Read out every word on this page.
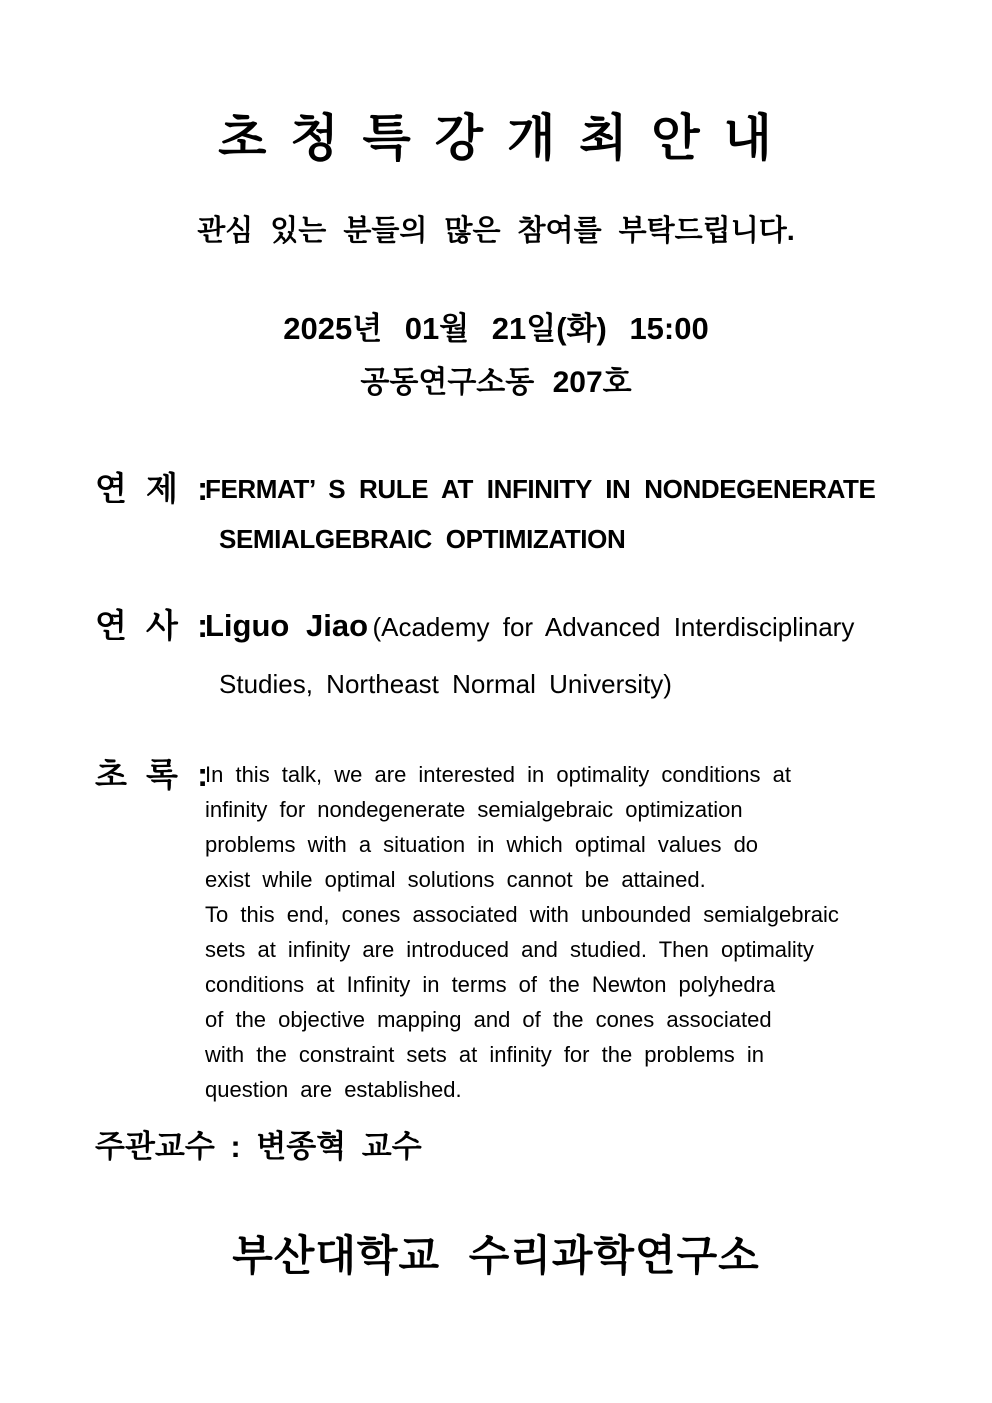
초 청 특 강 개 최 안 내

관심 있는 분들의 많은 참여를 부탁드립니다.

2025년 01월 21일(화) 15:00

공동연구소동 207호

연 제 :
FERMAT’ S RULE AT INFINITY IN NONDEGENERATE
SEMIALGEBRAIC OPTIMIZATION
연 사 :
Liguo Jiao (Academy for Advanced Interdisciplinary
Studies, Northeast Normal University)
초 록 :
In this talk, we are interested in optimality conditions at
infinity for nondegenerate semialgebraic optimization
problems with a situation in which optimal values do
exist while optimal solutions cannot be attained.
To this end, cones associated with unbounded semialgebraic
sets at infinity are introduced and studied. Then optimality
conditions at Infinity in terms of the Newton polyhedra
of the objective mapping and of the cones associated
with the constraint sets at infinity for the problems in
question are established.

주관교수 : 변종혁 교수

부산대학교 수리과학연구소
